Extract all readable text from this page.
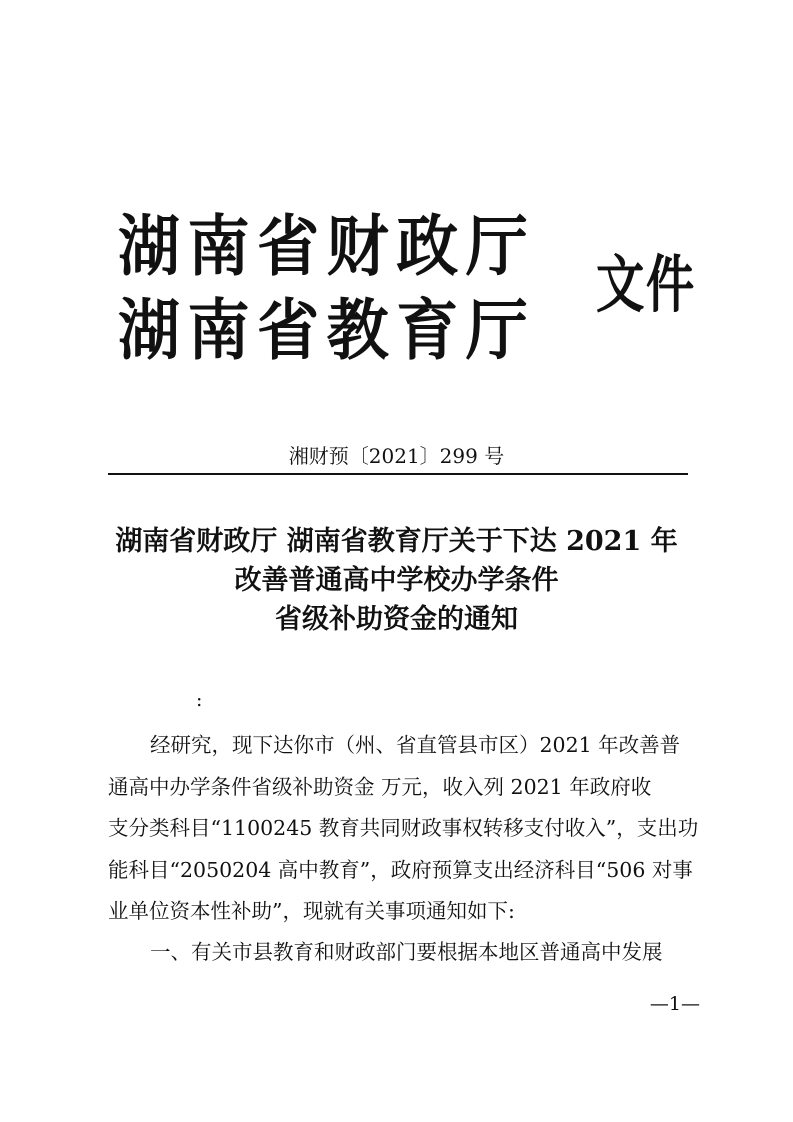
湖南省财政厅
湖南省教育厅
文件
湘财预〔2021〕299 号
湖南省财政厅 湖南省教育厅关于下达 2021 年
改善普通高中学校办学条件
省级补助资金的通知
:
经研究，现下达你市（州、省直管县市区）2021 年改善普
通高中办学条件省级补助资金 万元，收入列 2021 年政府收
支分类科目“1100245 教育共同财政事权转移支付收入”，支出功
能科目“2050204 高中教育”，政府预算支出经济科目“506 对事
业单位资本性补助”，现就有关事项通知如下:
一、有关市县教育和财政部门要根据本地区普通高中发展
—1—
